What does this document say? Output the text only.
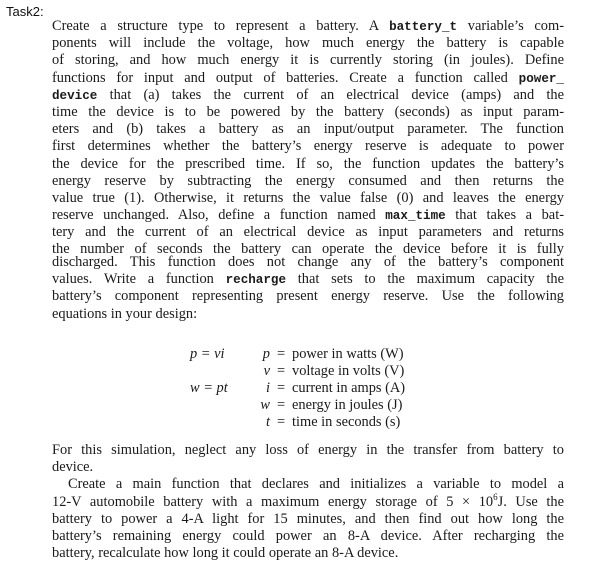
Task2:
Create a structure type to represent a battery. A battery_t variable’s com-
ponents will include the voltage, how much energy the battery is capable
of storing, and how much energy it is currently storing (in joules). Define
functions for input and output of batteries. Create a function called power_
device that (a) takes the current of an electrical device (amps) and the
time the device is to be powered by the battery (seconds) as input param-
eters and (b) takes a battery as an input/output parameter. The function
first determines whether the battery’s energy reserve is adequate to power
the device for the prescribed time. If so, the function updates the battery’s
energy reserve by subtracting the energy consumed and then returns the
value true (1). Otherwise, it returns the value false (0) and leaves the energy
reserve unchanged. Also, define a function named max_time that takes a bat-
tery and the current of an electrical device as input parameters and returns
the number of seconds the battery can operate the device before it is fully
discharged. This function does not change any of the battery’s component
values. Write a function recharge that sets to the maximum capacity the
battery’s component representing present energy reserve. Use the following
equations in your design:
p = vi
w = pt
p = power in watts (W)
v = voltage in volts (V)
i = current in amps (A)
w = energy in joules (J)
t = time in seconds (s)
For this simulation, neglect any loss of energy in the transfer from battery to
device.
Create a main function that declares and initializes a variable to model a
12-V automobile battery with a maximum energy storage of $5 \times 10^6J$. Use the
battery to power a 4-A light for 15 minutes, and then find out how long the
battery’s remaining energy could power an 8-A device. After recharging the
battery, recalculate how long it could operate an 8-A device.
